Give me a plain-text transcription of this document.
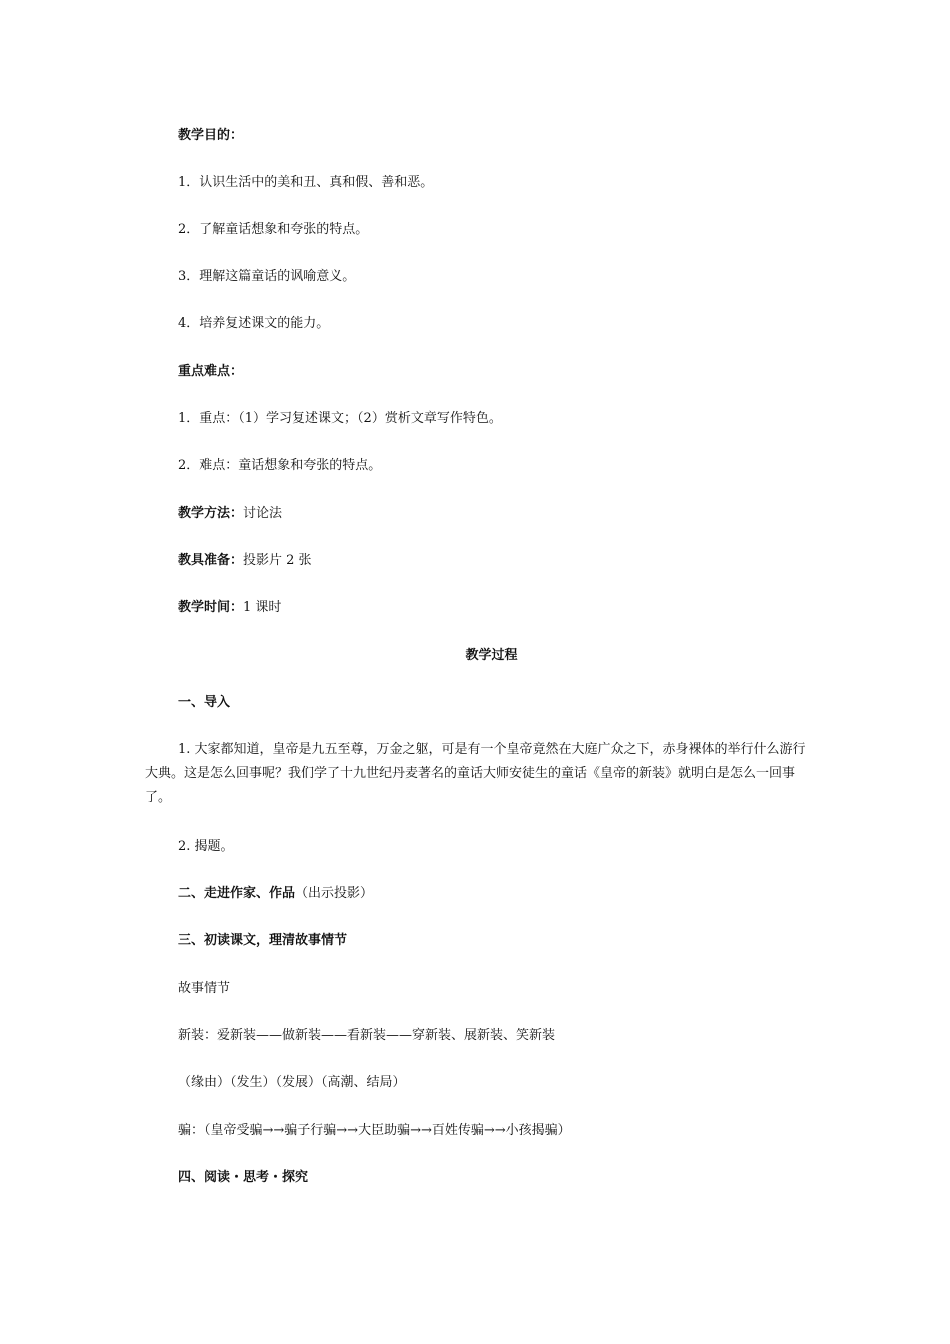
教学目的：
1．认识生活中的美和丑、真和假、善和恶。
2．了解童话想象和夸张的特点。
3．理解这篇童话的讽喻意义。
4．培养复述课文的能力。
重点难点：
1．重点：（1）学习复述课文；（2）赏析文章写作特色。
2．难点：童话想象和夸张的特点。
教学方法：讨论法
教具准备：投影片 2 张
教学时间：1 课时
教学过程
一、导入
1. 大家都知道，皇帝是九五至尊，万金之躯，可是有一个皇帝竟然在大庭广众之下，赤身裸体的举行什么游行大典。这是怎么回事呢？我们学了十九世纪丹麦著名的童话大师安徒生的童话《皇帝的新装》就明白是怎么一回事了。
2. 揭题。
二、走进作家、作品（出示投影）
三、初读课文，理清故事情节
故事情节
新装：爱新装——做新装——看新装——穿新装、展新装、笑新装
（缘由）（发生）（发展）（高潮、结局）
骗：（皇帝受骗→→骗子行骗→→大臣助骗→→百姓传骗→→小孩揭骗）
四、阅读・思考・探究
